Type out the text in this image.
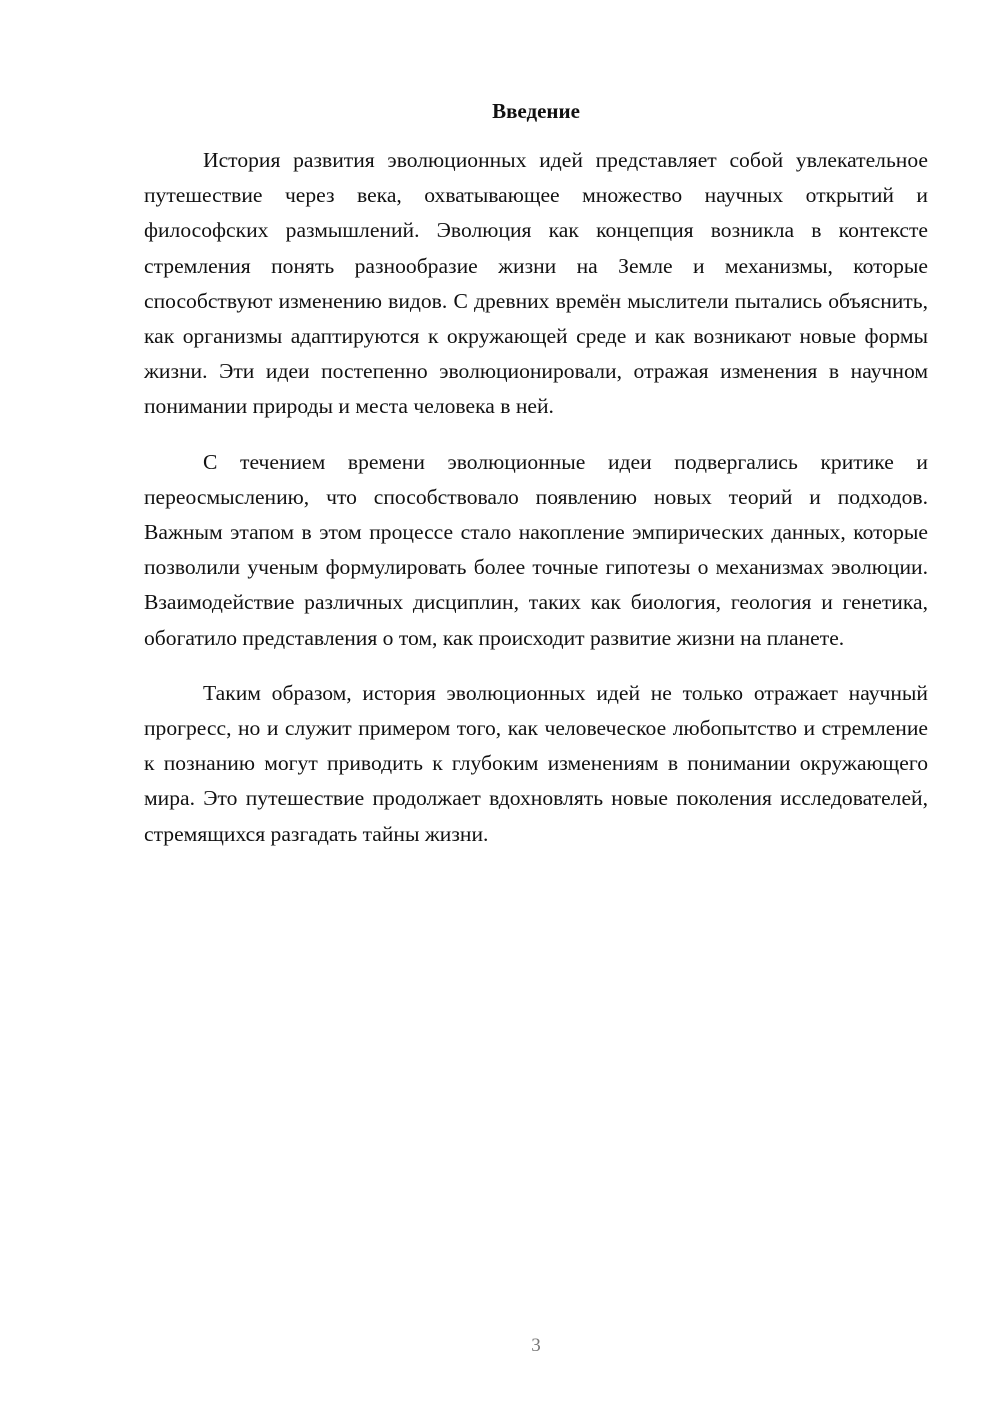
Введение

История развития эволюционных идей представляет собой увлекательное путешествие через века, охватывающее множество научных открытий и философских размышлений. Эволюция как концепция возникла в контексте стремления понять разнообразие жизни на Земле и механизмы, которые способствуют изменению видов. С древних времён мыслители пытались объяснить, как организмы адаптируются к окружающей среде и как возникают новые формы жизни. Эти идеи постепенно эволюционировали, отражая изменения в научном понимании природы и места человека в ней.

С течением времени эволюционные идеи подвергались критике и переосмыслению, что способствовало появлению новых теорий и подходов. Важным этапом в этом процессе стало накопление эмпирических данных, которые позволили ученым формулировать более точные гипотезы о механизмах эволюции. Взаимодействие различных дисциплин, таких как биология, геология и генетика, обогатило представления о том, как происходит развитие жизни на планете.

Таким образом, история эволюционных идей не только отражает научный прогресс, но и служит примером того, как человеческое любопытство и стремление к познанию могут приводить к глубоким изменениям в понимании окружающего мира. Это путешествие продолжает вдохновлять новые поколения исследователей, стремящихся разгадать тайны жизни.

3
